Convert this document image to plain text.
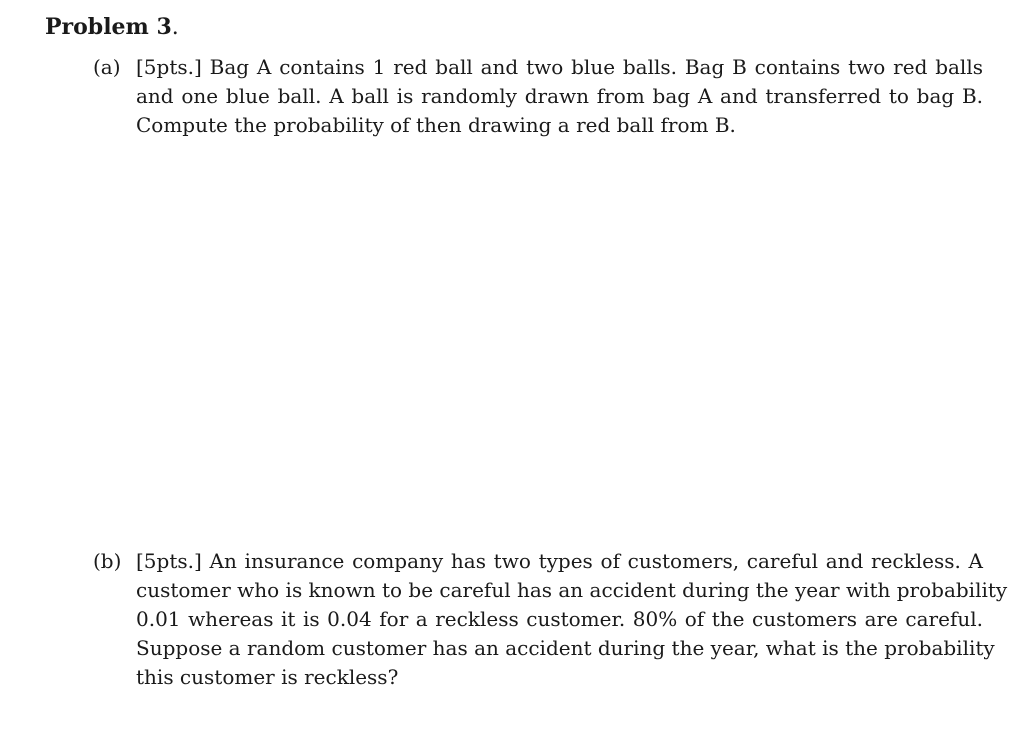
Problem 3.
(a) [5pts.] Bag A contains 1 red ball and two blue balls. Bag B contains two red balls
and one blue ball. A ball is randomly drawn from bag A and transferred to bag B.
Compute the probability of then drawing a red ball from B.
(b) [5pts.] An insurance company has two types of customers, careful and reckless. A
customer who is known to be careful has an accident during the year with probability
0.01 whereas it is 0.04 for a reckless customer. 80% of the customers are careful.
Suppose a random customer has an accident during the year, what is the probability
this customer is reckless?
